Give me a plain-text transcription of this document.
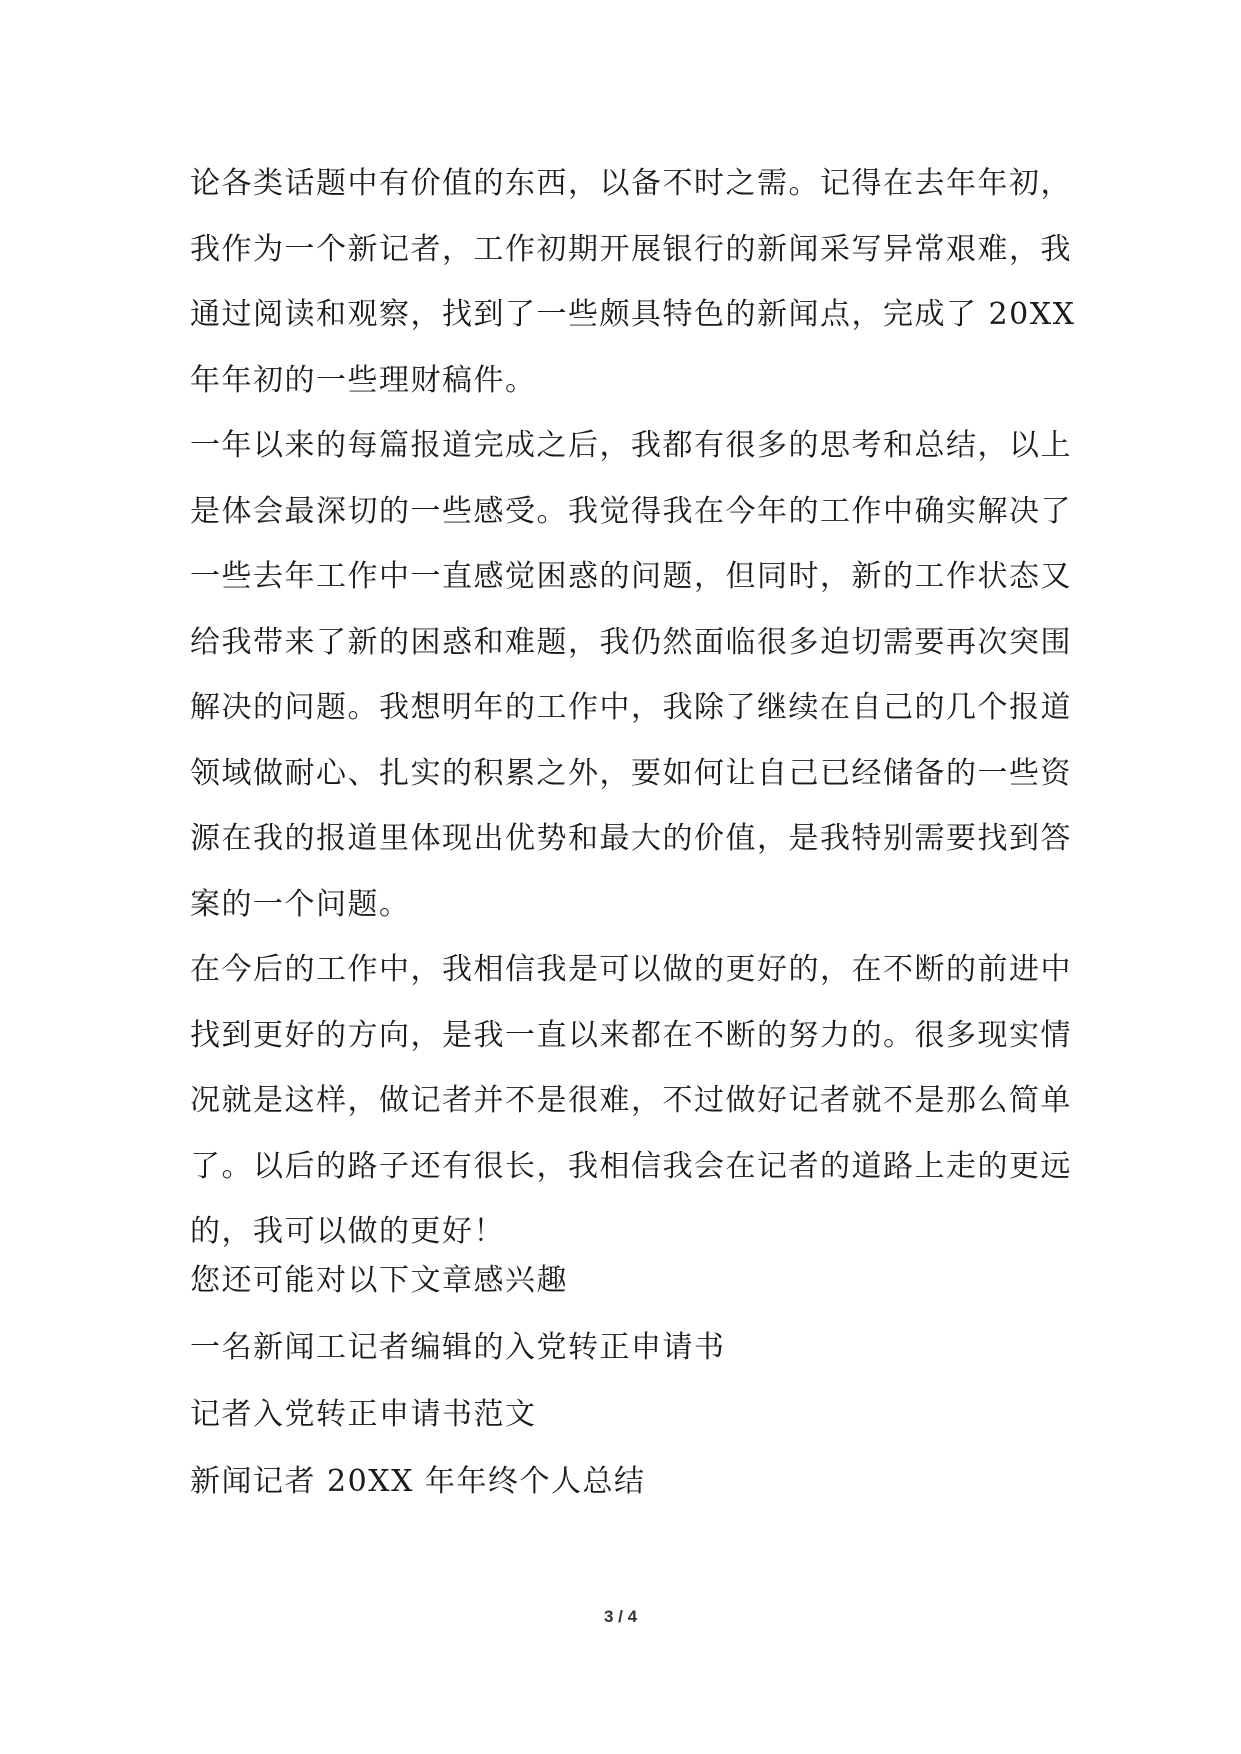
论各类话题中有价值的东西，以备不时之需。记得在去年年初，
我作为一个新记者，工作初期开展银行的新闻采写异常艰难，我
通过阅读和观察，找到了一些颇具特色的新闻点，完成了 20XX
年年初的一些理财稿件。
一年以来的每篇报道完成之后，我都有很多的思考和总结，以上
是体会最深切的一些感受。我觉得我在今年的工作中确实解决了
一些去年工作中一直感觉困惑的问题，但同时，新的工作状态又
给我带来了新的困惑和难题，我仍然面临很多迫切需要再次突围
解决的问题。我想明年的工作中，我除了继续在自己的几个报道
领域做耐心、扎实的积累之外，要如何让自己已经储备的一些资
源在我的报道里体现出优势和最大的价值，是我特别需要找到答
案的一个问题。
在今后的工作中，我相信我是可以做的更好的，在不断的前进中
找到更好的方向，是我一直以来都在不断的努力的。很多现实情
况就是这样，做记者并不是很难，不过做好记者就不是那么简单
了。以后的路子还有很长，我相信我会在记者的道路上走的更远
的，我可以做的更好！
您还可能对以下文章感兴趣
一名新闻工记者编辑的入党转正申请书
记者入党转正申请书范文
新闻记者 20XX 年年终个人总结
3 / 4
